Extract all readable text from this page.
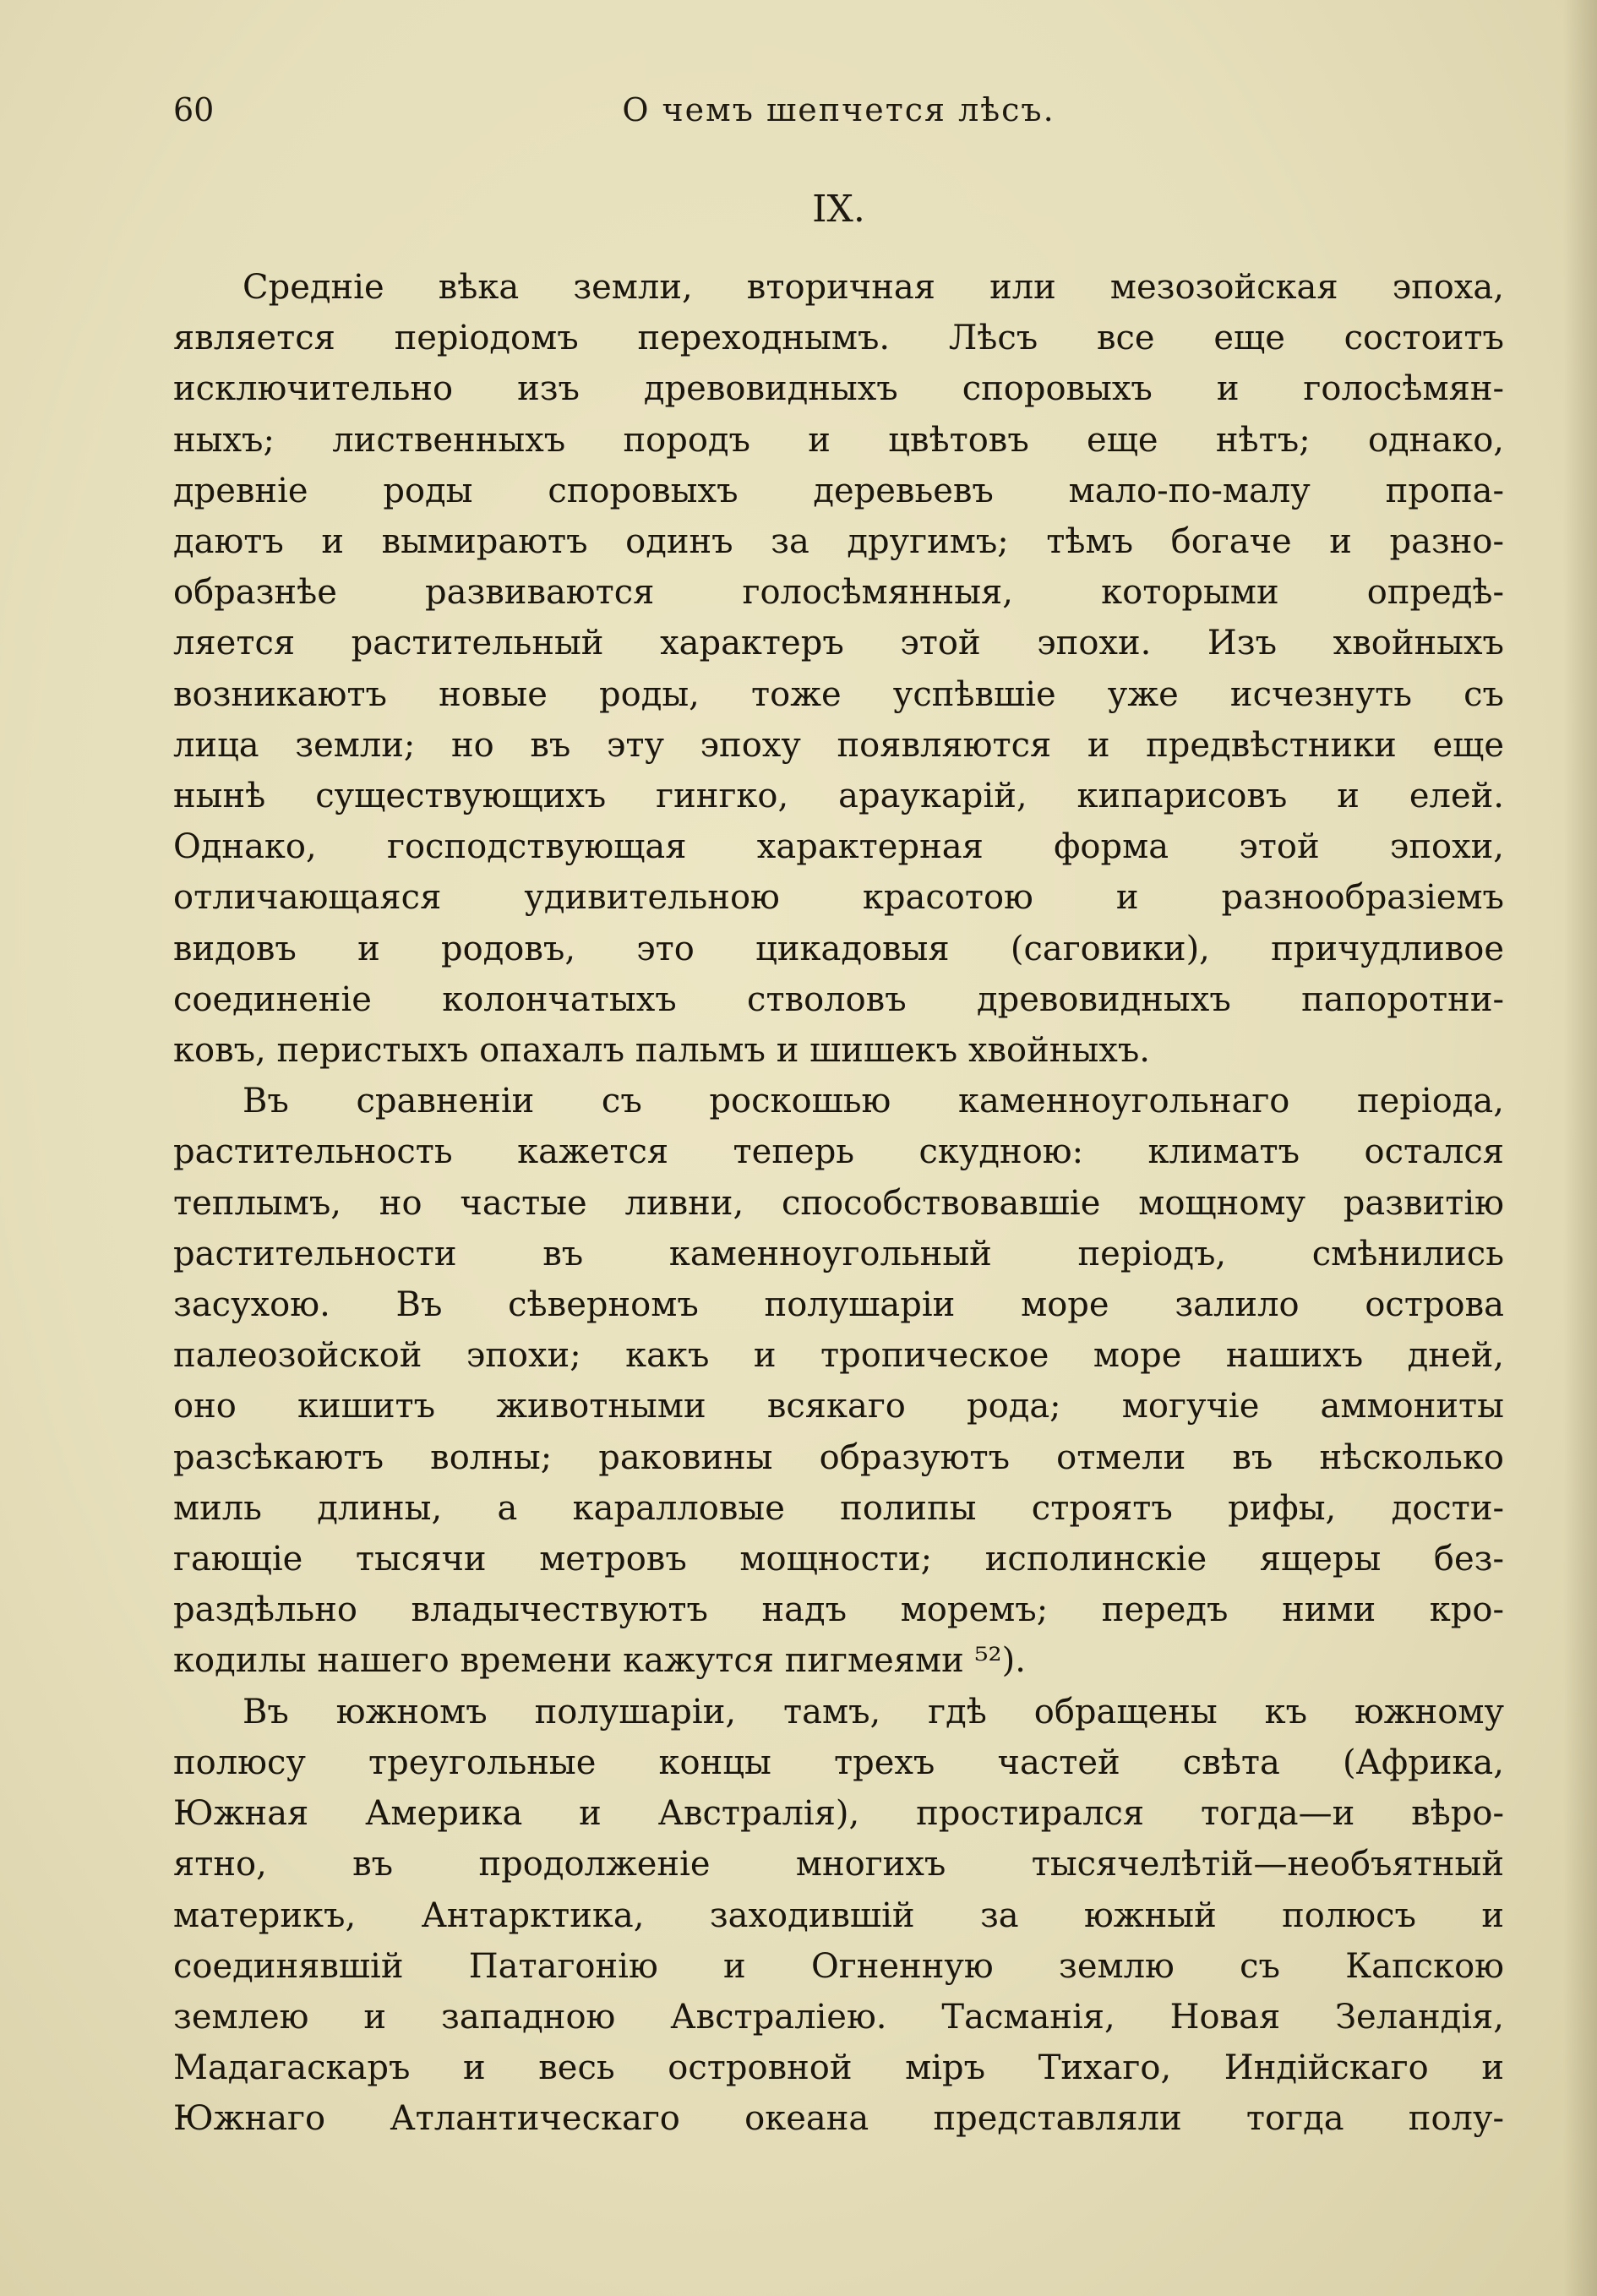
60	О чемъ шепчется лѣсъ.
IX.

Средніе вѣка земли, вторичная или мезозойская эпоха,
является періодомъ переходнымъ. Лѣсъ все еще состоитъ
исключительно изъ древовидныхъ споровыхъ и голосѣмян-
ныхъ; лиственныхъ породъ и цвѣтовъ еще нѣтъ; однако,
древніе роды споровыхъ деревьевъ мало-по-малу пропа-
даютъ и вымираютъ одинъ за другимъ; тѣмъ богаче и разно-
образнѣе развиваются голосѣмянныя, которыми опредѣ-
ляется растительный характеръ этой эпохи. Изъ хвойныхъ
возникаютъ новые роды, тоже успѣвшіе уже исчезнуть съ
лица земли; но въ эту эпоху появляются и предвѣстники еще
нынѣ существующихъ гингко, араукарій, кипарисовъ и елей.
Однако, господствующая характерная форма этой эпохи,
отличающаяся удивительною красотою и разнообразіемъ
видовъ и родовъ, это цикадовыя (саговики), причудливое
соединеніе колончатыхъ стволовъ древовидныхъ папоротни-
ковъ, перистыхъ опахалъ пальмъ и шишекъ хвойныхъ.

Въ сравненіи съ роскошью каменноугольнаго періода,
растительность кажется теперь скудною: климатъ остался
теплымъ, но частые ливни, способствовавшіе мощному развитію
растительности въ каменноугольный періодъ, смѣнились
засухою. Въ сѣверномъ полушаріи море залило острова
палеозойской эпохи; какъ и тропическое море нашихъ дней,
оно кишитъ животными всякаго рода; могучіе аммониты
разсѣкаютъ волны; раковины образуютъ отмели въ нѣсколько
миль длины, а каралловые полипы строятъ рифы, дости-
гающіе тысячи метровъ мощности; исполинскіе ящеры без-
раздѣльно владычествуютъ надъ моремъ; передъ ними кро-
кодилы нашего времени кажутся пигмеями ⁵²).

Въ южномъ полушаріи, тамъ, гдѣ обращены къ южному
полюсу треугольные концы трехъ частей свѣта (Африка,
Южная Америка и Австралія), простирался тогда—и вѣро-
ятно, въ продолженіе многихъ тысячелѣтій—необъятный
материкъ, Антарктика, заходившій за южный полюсъ и
соединявшій Патагонію и Огненную землю съ Капскою
землею и западною Австраліею. Тасманія, Новая Зеландія,
Мадагаскаръ и весь островной міръ Тихаго, Индійскаго и
Южнаго Атлантическаго океана представляли тогда полу-
